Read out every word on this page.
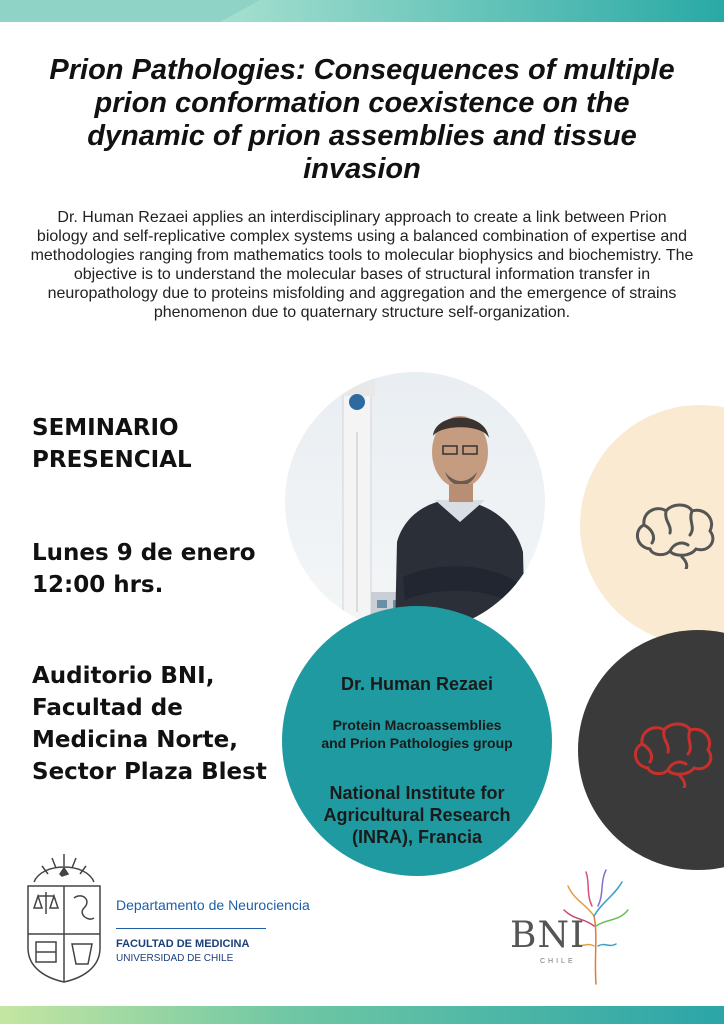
Prion Pathologies: Consequences of multiple prion conformation coexistence on the dynamic of prion assemblies and tissue invasion
Dr. Human Rezaei applies an interdisciplinary approach to create a link between Prion biology and self-replicative complex systems using a balanced combination of expertise and methodologies ranging from mathematics tools to molecular biophysics and biochemistry. The objective is to understand the molecular bases of structural information transfer in neuropathology due to proteins misfolding and aggregation and the emergence of strains phenomenon due to quaternary structure self-organization.
SEMINARIO
PRESENCIAL
Lunes 9 de enero
12:00 hrs.
Auditorio BNI,
Facultad de
Medicina Norte,
Sector Plaza Blest
Dr. Human Rezaei
Protein Macroassemblies
and Prion Pathologies group
National Institute for
Agricultural Research
(INRA), Francia
Departamento de Neurociencia
FACULTAD DE MEDICINA
UNIVERSIDAD DE CHILE
BNI
CHILE
